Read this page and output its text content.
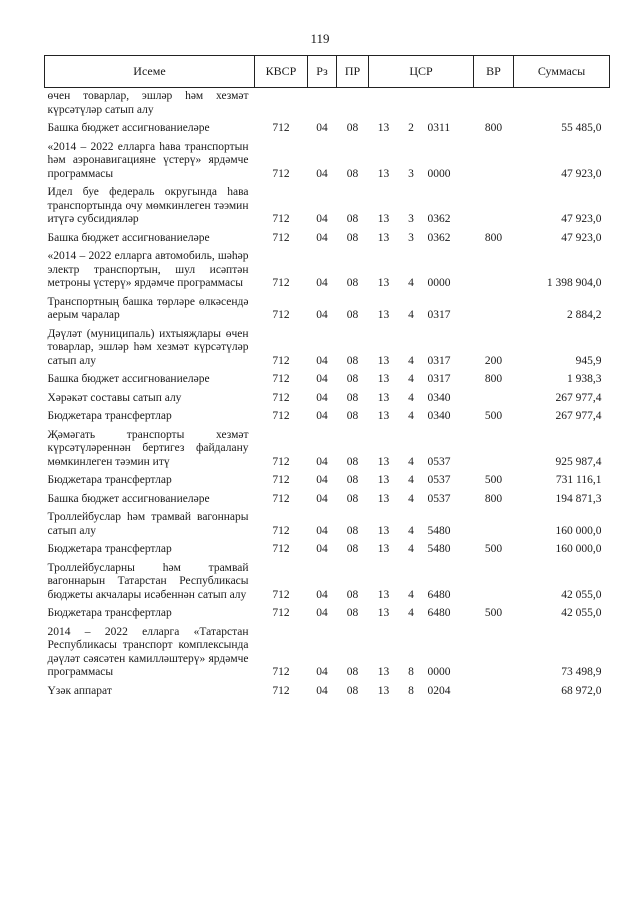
119
Исеме	КВСР	Рз	ПР	ЦСР	ВР	Суммасы
өчен товарлар, эшләр һәм хезмәт күрсәтүләр сатып алу				

Башка бюджет ассигнованиеләре	712	04	08	13 2 0311	800	55 485,0
«2014 – 2022 елларга һава транспортын һәм аэронавигацияне үстерү» ярдәмче программасы	712	04	08	13 3 0000		47 923,0
Идел буе федераль округында һава транспортында очу мөмкинлеген тәэмин итүгә субсидияләр	712	04	08	13 3 0362		47 923,0
Башка бюджет ассигнованиеләре	712	04	08	13 3 0362	800	47 923,0
«2014 – 2022 елларга автомобиль, шәһәр электр транспортын, шул исәптән метроны үстерү» ярдәмче программасы	712	04	08	13 4 0000		1 398 904,0
Транспортның башка төрләре өлкәсендә аерым чаралар	712	04	08	13 4 0317		2 884,2
Дәүләт (муниципаль) ихтыяҗлары өчен товарлар, эшләр һәм хезмәт күрсәтүләр сатып алу	712	04	08	13 4 0317	200	945,9
Башка бюджет ассигнованиеләре	712	04	08	13 4 0317	800	1 938,3
Хәрәкәт составы сатып алу	712	04	08	13 4 0340		267 977,4
Бюджетара трансфертлар	712	04	08	13 4 0340	500	267 977,4
Җәмәгать транспорты хезмәт күрсәтүләреннән бертигез файдалану мөмкинлеген тәэмин итү	712	04	08	13 4 0537		925 987,4
Бюджетара трансфертлар	712	04	08	13 4 0537	500	731 116,1
Башка бюджет ассигнованиеләре	712	04	08	13 4 0537	800	194 871,3
Троллейбуслар һәм трамвай вагоннары сатып алу	712	04	08	13 4 5480		160 000,0
Бюджетара трансфертлар	712	04	08	13 4 5480	500	160 000,0
Троллейбусларны һәм трамвай вагоннарын Татарстан Республикасы бюджеты акчалары исәбеннән сатып алу	712	04	08	13 4 6480		42 055,0
Бюджетара трансфертлар	712	04	08	13 4 6480	500	42 055,0
2014 – 2022 елларга «Татарстан Республикасы транспорт комплексында дәүләт сәясәтен камилләштерү» ярдәмче программасы	712	04	08	13 8 0000		73 498,9
Үзәк аппарат	712	04	08	13 8 0204		68 972,0
